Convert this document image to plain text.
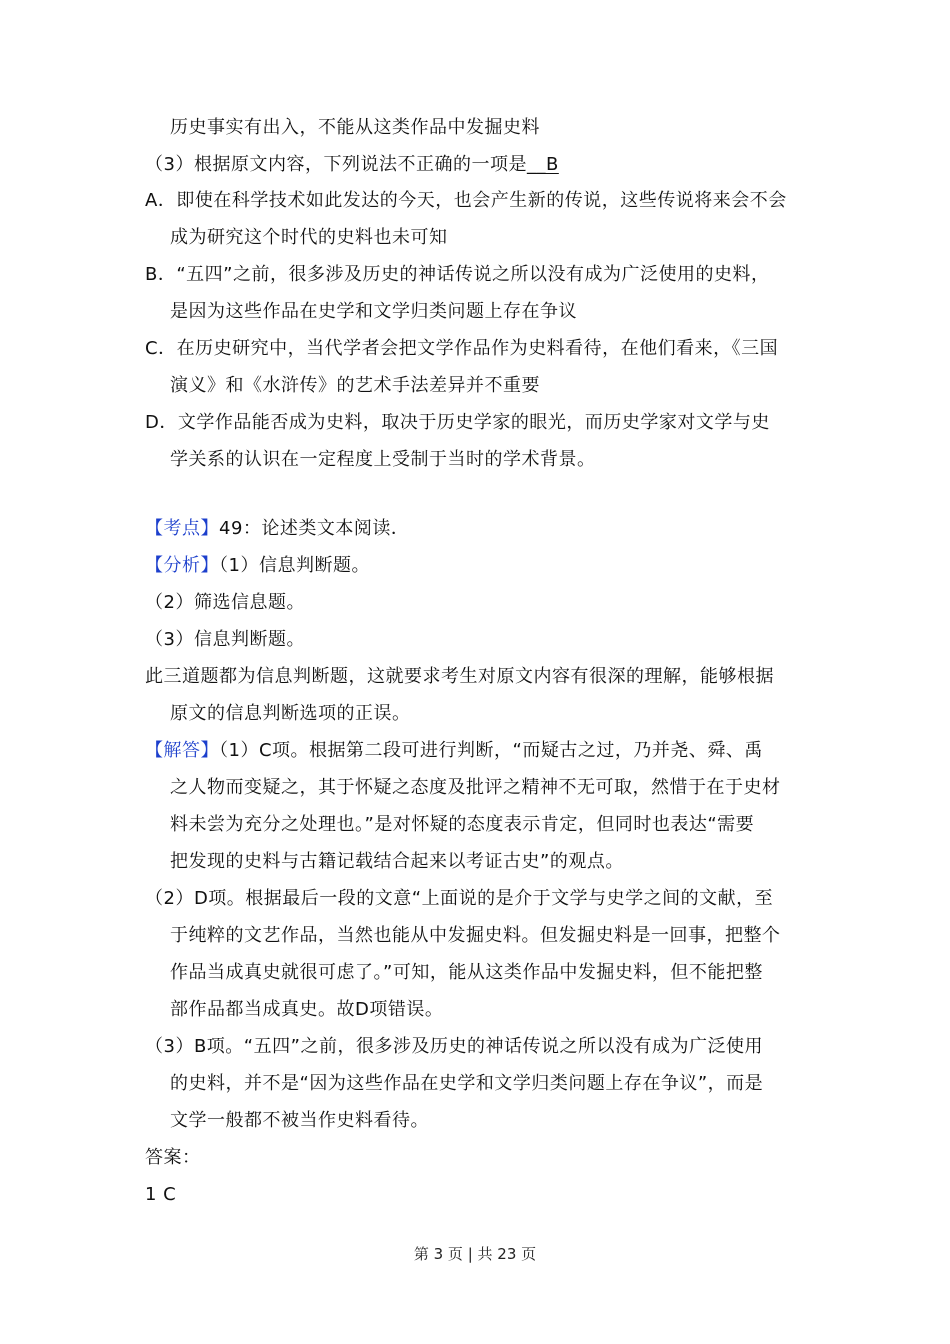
历史事实有出入，不能从这类作品中发掘史料
（3）根据原文内容，下列说法不正确的一项是__B
A．即使在科学技术如此发达的今天，也会产生新的传说，这些传说将来会不会
成为研究这个时代的史料也未可知
B．“五四”之前，很多涉及历史的神话传说之所以没有成为广泛使用的史料，
是因为这些作品在史学和文学归类问题上存在争议
C．在历史研究中，当代学者会把文学作品作为史料看待，在他们看来，《三国
演义》和《水浒传》的艺术手法差异并不重要
D．文学作品能否成为史料，取决于历史学家的眼光，而历史学家对文学与史
学关系的认识在一定程度上受制于当时的学术背景。
【考点】49：论述类文本阅读．
【分析】（1）信息判断题。
（2）筛选信息题。
（3）信息判断题。
此三道题都为信息判断题，这就要求考生对原文内容有很深的理解，能够根据
原文的信息判断选项的正误。
【解答】（1）C项。根据第二段可进行判断，“而疑古之过，乃并尧、舜、禹
之人物而变疑之，其于怀疑之态度及批评之精神不无可取，然惜于在于史材
料未尝为充分之处理也。”是对怀疑的态度表示肯定，但同时也表达“需要
把发现的史料与古籍记载结合起来以考证古史”的观点。
（2）D项。根据最后一段的文意“上面说的是介于文学与史学之间的文献，至
于纯粹的文艺作品，当然也能从中发掘史料。但发掘史料是一回事，把整个
作品当成真史就很可虑了。”可知，能从这类作品中发掘史料，但不能把整
部作品都当成真史。故D项错误。
（3）B项。“五四”之前，很多涉及历史的神话传说之所以没有成为广泛使用
的史料，并不是“因为这些作品在史学和文学归类问题上存在争议”，而是
文学一般都不被当作史料看待。
答案：
1 C
第 3 页 | 共 23 页
